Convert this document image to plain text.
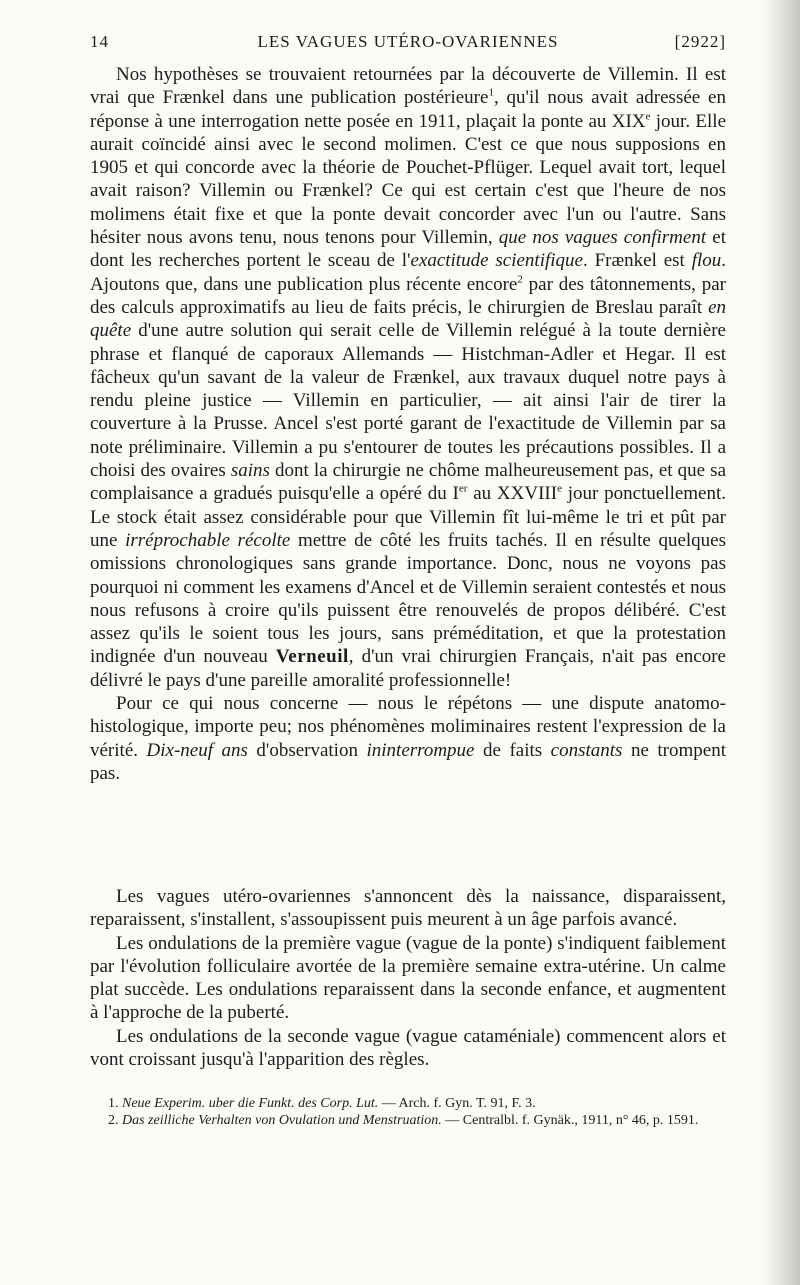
14	LES VAGUES UTÉRO-OVARIENNES	[2922]

Nos hypothèses se trouvaient retournées par la découverte de Villemin. Il est vrai que Frænkel dans une publication postérieure$^1$, qu'il nous avait adressée en réponse à une interrogation nette posée en 1911, plaçait la ponte au XIXe jour. Elle aurait coïncidé ainsi avec le second molimen. C'est ce que nous supposions en 1905 et qui concorde avec la théorie de Pouchet-Pflüger. Lequel avait tort, lequel avait raison? Villemin ou Frænkel? Ce qui est certain c'est que l'heure de nos molimens était fixe et que la ponte devait concorder avec l'un ou l'autre. Sans hésiter nous avons tenu, nous tenons pour Villemin, que nos vagues confirment et dont les recherches portent le sceau de l'exactitude scientifique. Frænkel est flou. Ajoutons que, dans une publication plus récente encore$^2$ par des tâtonnements, par des calculs approximatifs au lieu de faits précis, le chirurgien de Breslau paraît en quête d'une autre solution qui serait celle de Villemin relégué à la toute dernière phrase et flanqué de caporaux Allemands — Histchman-Adler et Hegar. Il est fâcheux qu'un savant de la valeur de Frænkel, aux travaux duquel notre pays à rendu pleine justice — Villemin en particulier, — ait ainsi l'air de tirer la couverture à la Prusse. Ancel s'est porté garant de l'exactitude de Villemin par sa note préliminaire. Villemin a pu s'entourer de toutes les précautions possibles. Il a choisi des ovaires sains dont la chirurgie ne chôme malheureusement pas, et que sa complaisance a gradués puisqu'elle a opéré du Ier au XXVIIIe jour ponctuellement. Le stock était assez considérable pour que Villemin fît lui-même le tri et pût par une irréprochable récolte mettre de côté les fruits tachés. Il en résulte quelques omissions chronologiques sans grande importance. Donc, nous ne voyons pas pourquoi ni comment les examens d'Ancel et de Villemin seraient contestés et nous nous refusons à croire qu'ils puissent être renouvelés de propos délibéré. C'est assez qu'ils le soient tous les jours, sans préméditation, et que la protestation indignée d'un nouveau Verneuil, d'un vrai chirurgien Français, n'ait pas encore délivré le pays d'une pareille amoralité professionnelle!

Pour ce qui nous concerne — nous le répétons — une dispute anatomo-histologique, importe peu; nos phénomènes moliminaires restent l'expression de la vérité. Dix-neuf ans d'observation ininterrompue de faits constants ne trompent pas.

Les vagues utéro-ovariennes s'annoncent dès la naissance, disparaissent, reparaissent, s'installent, s'assoupissent puis meurent à un âge parfois avancé.

Les ondulations de la première vague (vague de la ponte) s'indiquent faiblement par l'évolution folliculaire avortée de la première semaine extra-utérine. Un calme plat succède. Les ondulations reparaissent dans la seconde enfance, et augmentent à l'approche de la puberté.

Les ondulations de la seconde vague (vague cataméniale) commencent alors et vont croissant jusqu'à l'apparition des règles.

1. Neue Experim. uber die Funkt. des Corp. Lut. — Arch. f. Gyn. T. 91, F. 3.

2. Das zeilliche Verhalten von Ovulation und Menstruation. — Centralbl. f. Gynäk., 1911, n° 46, p. 1591.
